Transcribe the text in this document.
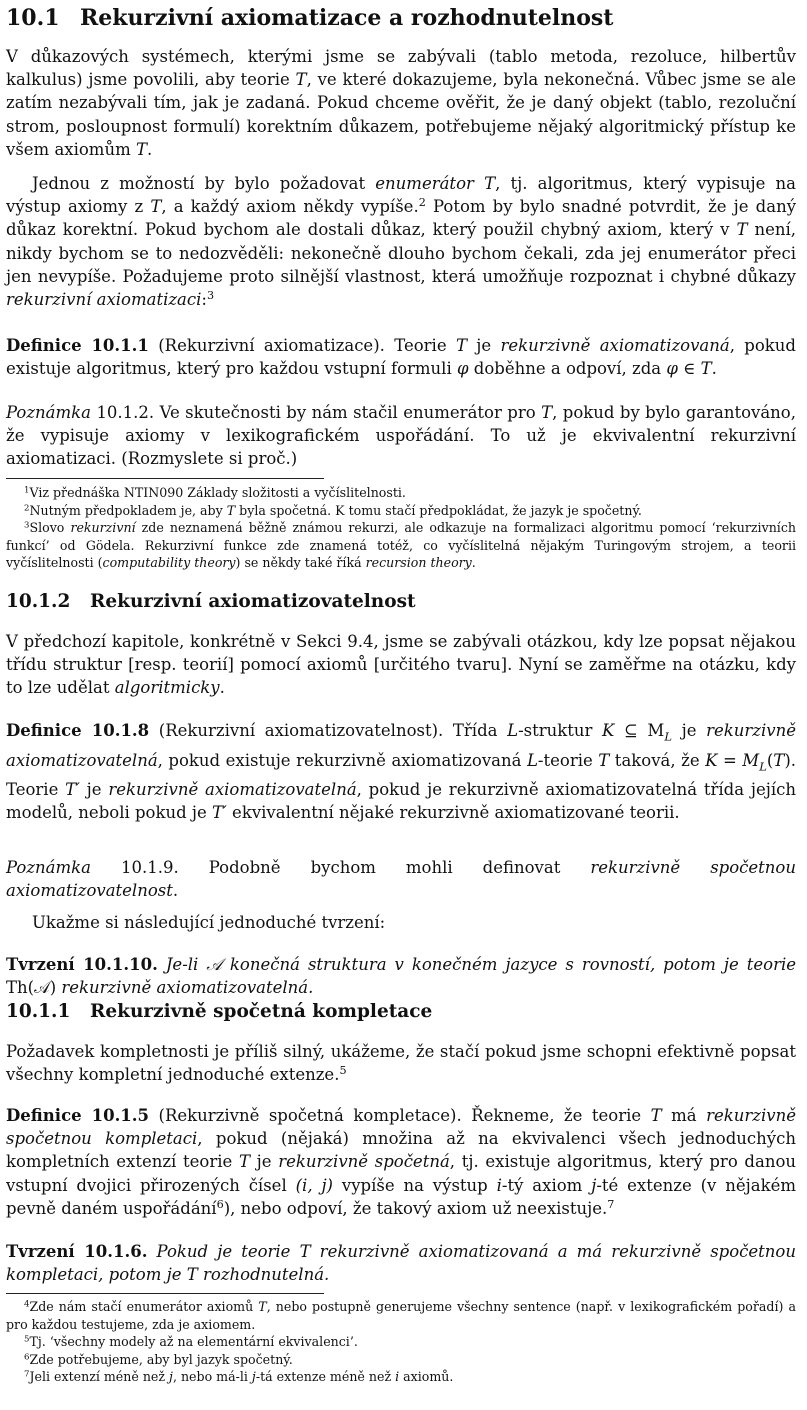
10.1 Rekurzivní axiomatizace a rozhodnutelnost

V důkazových systémech, kterými jsme se zabývali (tablo metoda, rezoluce, hilbertův kalkulus) jsme povolili, aby teorie T, ve které dokazujeme, byla nekonečná. Vůbec jsme se ale zatím nezabývali tím, jak je zadaná. Pokud chceme ověřit, že je daný objekt (tablo, rezoluční strom, posloupnost formulí) korektním důkazem, potřebujeme nějaký algoritmický přístup ke všem axiomům T.

Jednou z možností by bylo požadovat enumerátor T, tj. algoritmus, který vypisuje na výstup axiomy z T, a každý axiom někdy vypíše.$^2$ Potom by bylo snadné potvrdit, že je daný důkaz korektní. Pokud bychom ale dostali důkaz, který použil chybný axiom, který v T není, nikdy bychom se to nedozvěděli: nekonečně dlouho bychom čekali, zda jej enumerátor přeci jen nevypíše. Požadujeme proto silnější vlastnost, která umožňuje rozpoznat i chybné důkazy rekurzivní axiomatizaci:$^3$

Definice 10.1.1 (Rekurzivní axiomatizace). Teorie T je rekurzivně axiomatizovaná, pokud existuje algoritmus, který pro každou vstupní formuli φ doběhne a odpoví, zda φ ∈ T.

Poznámka 10.1.2. Ve skutečnosti by nám stačil enumerátor pro T, pokud by bylo garantováno, že vypisuje axiomy v lexikografickém uspořádání. To už je ekvivalentní rekurzivní axiomatizaci. (Rozmyslete si proč.)

$^1$Viz přednáška NTIN090 Základy složitosti a vyčíslitelnosti.

$^2$Nutným předpokladem je, aby T byla spočetná. K tomu stačí předpokládat, že jazyk je spočetný.

$^3$Slovo rekurzivní zde neznamená běžně známou rekurzi, ale odkazuje na formalizaci algoritmu pomocí ‘rekurzivních funkcí’ od Gödela. Rekurzivní funkce zde znamená totéž, co vyčíslitelná nějakým Turingovým strojem, a teorii vyčíslitelnosti (computability theory) se někdy také říká recursion theory.

10.1.2 Rekurzivní axiomatizovatelnost

V předchozí kapitole, konkrétně v Sekci 9.4, jsme se zabývali otázkou, kdy lze popsat nějakou třídu struktur [resp. teorií] pomocí axiomů [určitého tvaru]. Nyní se zaměřme na otázku, kdy to lze udělat algoritmicky.

Definice 10.1.8 (Rekurzivní axiomatizovatelnost). Třída L-struktur K ⊆ $M_L$ je rekurzivně axiomatizovatelná, pokud existuje rekurzivně axiomatizovaná L-teorie T taková, že $K = M_L(T)$. Teorie T′ je rekurzivně axiomatizovatelná, pokud je rekurzivně axiomatizovatelná třída jejích modelů, neboli pokud je T′ ekvivalentní nějaké rekurzivně axiomatizované teorii.

Poznámka 10.1.9. Podobně bychom mohli definovat rekurzivně spočetnou axiomatizovatelnost.

Ukažme si následující jednoduché tvrzení:

Tvrzení 10.1.10. Je-li 𝒜 konečná struktura v konečném jazyce s rovností, potom je teorie Th(𝒜) rekurzivně axiomatizovatelná.

10.1.1 Rekurzivně spočetná kompletace

Požadavek kompletnosti je příliš silný, ukážeme, že stačí pokud jsme schopni efektivně popsat všechny kompletní jednoduché extenze.$^5$

Definice 10.1.5 (Rekurzivně spočetná kompletace). Řekneme, že teorie T má rekurzivně spočetnou kompletaci, pokud (nějaká) množina až na ekvivalenci všech jednoduchých kompletních extenzí teorie T je rekurzivně spočetná, tj. existuje algoritmus, který pro danou vstupní dvojici přirozených čísel (i, j) vypíše na výstup i-tý axiom j-té extenze (v nějakém pevně daném uspořádání$^6$), nebo odpoví, že takový axiom už neexistuje.$^7$

Tvrzení 10.1.6. Pokud je teorie T rekurzivně axiomatizovaná a má rekurzivně spočetnou kompletaci, potom je T rozhodnutelná.

$^4$Zde nám stačí enumerátor axiomů T, nebo postupně generujeme všechny sentence (např. v lexikografickém pořadí) a pro každou testujeme, zda je axiomem.

$^5$Tj. ‘všechny modely až na elementární ekvivalenci’.

$^6$Zde potřebujeme, aby byl jazyk spočetný.

$^7$Jeli extenzí méně než j, nebo má-li j-tá extenze méně než i axiomů.
